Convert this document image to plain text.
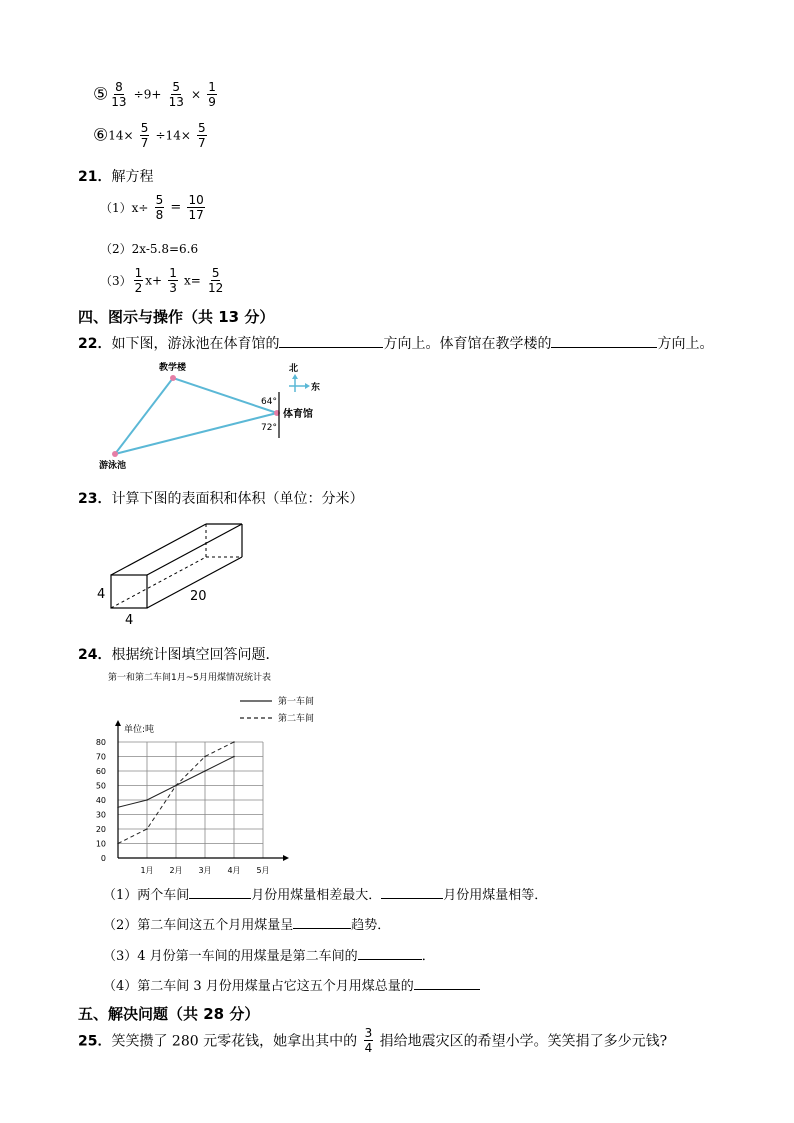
⑤ $\frac{8}{13} \div 9+ \frac{5}{13} \times \frac{1}{9}$
⑥14× $\frac{5}{7} \div 14\times \frac{5}{7}$
21．解方程
$(1)x\div \frac{5}{8} = \frac{10}{17}$
（2）2x-5.8=6.6
$(3) \frac{1}{2} x+ \frac{1}{3} x= \frac{5}{12}$
四、图示与操作（共 13 分）
22．如下图，游泳池在体育馆的	方向上。体育馆在教学楼的	方向上。
教学楼
游泳池
体育馆
64°
72°
北
东
23．计算下图的表面积和体积（单位：分米）
4
4
20
24．根据统计图填空回答问题．
第一和第二车间1月~5月用煤情况统计表
0
10
20
30
40
50
60
70
80
1月 2月 3月 4月 5月
单位:吨
第一车间
第二车间
（1）两个车间	月份用煤量相差最大．	月份用煤量相等．
（2）第二车间这五个月用煤量呈	趋势．
（3）4 月份第一车间的用煤量是第二车间的	．
（4）第二车间 3 月份用煤量占它这五个月用煤总量的
五、解决问题（共 28 分）
25．笑笑攒了 280 元零花钱，她拿出其中的 $\frac{3}{4}$ 捐给地震灾区的希望小学。笑笑捐了多少元钱?
